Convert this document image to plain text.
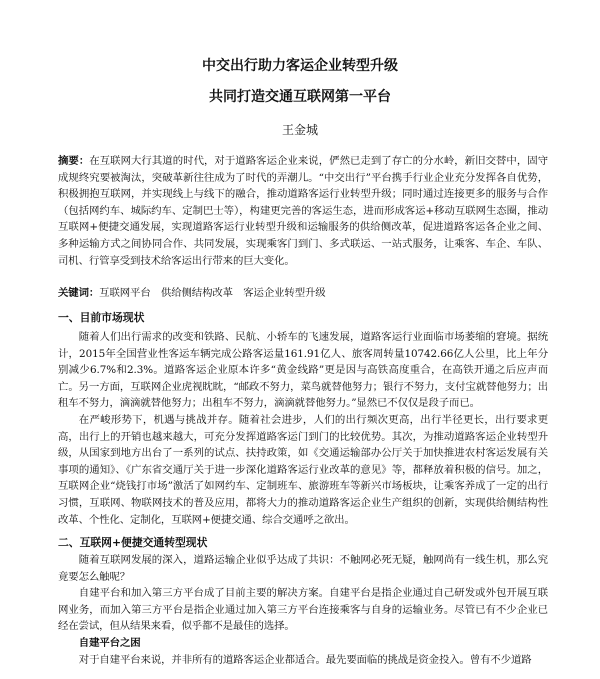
中交出行助力客运企业转型升级
共同打造交通互联网第一平台
王金城
摘要：在互联网大行其道的时代，对于道路客运企业来说，俨然已走到了存亡的分水岭，新旧交替中，固守成规终究要被淘汰，突破革新往往成为了时代的弄潮儿。“中交出行”平台携手行业企业充分发挥各自优势，积极拥抱互联网，并实现线上与线下的融合，推动道路客运行业转型升级；同时通过连接更多的服务与合作（包括网约车、城际约车、定制巴士等），构建更完善的客运生态，进而形成客运+移动互联网生态圈，推动互联网+便捷交通发展，实现道路客运行业转型升级和运输服务的供给侧改革，促进道路客运各企业之间、多种运输方式之间协同合作、共同发展，实现乘客门到门、多式联运、一站式服务，让乘客、车企、车队、司机、行管享受到技术给客运出行带来的巨大变化。
关键词：互联网平台　供给侧结构改革　客运企业转型升级
一、目前市场现状

随着人们出行需求的改变和铁路、民航、小轿车的飞速发展，道路客运行业面临市场萎缩的窘境。据统计，2015年全国营业性客运车辆完成公路客运量161.91亿人、旅客周转量10742.66亿人公里，比上年分别减少6.7%和2.3%。道路客运企业原本许多“黄金线路”更是因与高铁高度重合，在高铁开通之后应声而亡。另一方面，互联网企业虎视眈眈，“邮政不努力，菜鸟就替他努力；银行不努力，支付宝就替他努力；出租车不努力，滴滴就替他努力；出租车不努力，滴滴就替他努力。”显然已不仅仅是段子而已。

在严峻形势下，机遇与挑战并存。随着社会进步，人们的出行频次更高，出行半径更长，出行要求更高，出行上的开销也越来越大，可充分发挥道路客运门到门的比较优势。其次，为推动道路客运企业转型升级，从国家到地方出台了一系列的试点、扶持政策，如《交通运输部办公厅关于加快推进农村客运发展有关事项的通知》、《广东省交通厅关于进一步深化道路客运行业改革的意见》等，都释放着积极的信号。加之，互联网企业“烧钱打市场”激活了如网约车、定制班车、旅游班车等新兴市场板块，让乘客养成了一定的出行习惯，互联网、物联网技术的普及应用，都将大力的推动道路客运企业生产组织的创新，实现供给侧结构性改革、个性化、定制化，互联网+便捷交通、综合交通呼之欲出。

二、互联网+便捷交通转型现状

随着互联网发展的深入，道路运输企业似乎达成了共识：不触网必死无疑，触网尚有一线生机，那么究竟要怎么触呢？

自建平台和加入第三方平台成了目前主要的解决方案。自建平台是指企业通过自己研发或外包开展互联网业务，而加入第三方平台是指企业通过加入第三方平台连接乘客与自身的运输业务。尽管已有不少企业已经在尝试，但从结果来看，似乎都不是最佳的选择。

自建平台之困

对于自建平台来说，并非所有的道路客运企业都适合。最先要面临的挑战是资金投入。曾有不少道路
